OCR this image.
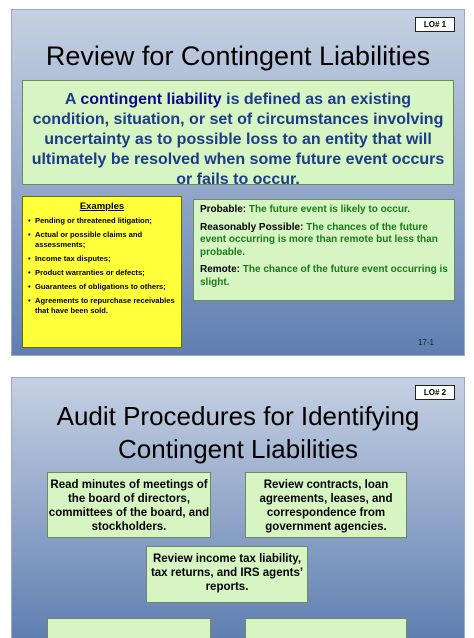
LO# 1
Review for Contingent Liabilities
A contingent liability is defined as an existing condition, situation, or set of circumstances involving uncertainty as to possible loss to an entity that will ultimately be resolved when some future event occurs or fails to occur.
Examples
• Pending or threatened litigation;
• Actual or possible claims and assessments;
• Income tax disputes;
• Product warranties or defects;
• Guarantees of obligations to others;
• Agreements to repurchase receivables that have been sold.
Probable: The future event is likely to occur.
Reasonably Possible: The chances of the future event occurring is more than remote but less than probable.
Remote: The chance of the future event occurring is slight.
17-1
LO# 2
Audit Procedures for Identifying
Contingent Liabilities
Read minutes of meetings of the board of directors, committees of the board, and stockholders.
Review contracts, loan agreements, leases, and correspondence from government agencies.
Review income tax liability, tax returns, and IRS agents’ reports.
